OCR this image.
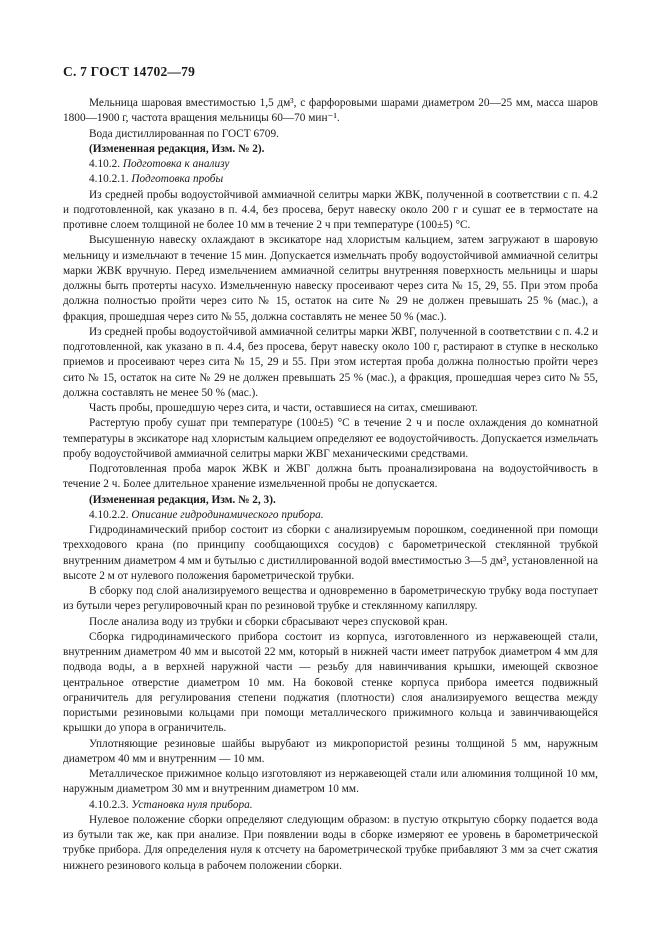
С. 7 ГОСТ 14702—79

Мельница шаровая вместимостью 1,5 дм³, с фарфоровыми шарами диаметром 20—25 мм, масса шаров 1800—1900 г, частота вращения мельницы 60—70 мин⁻¹.

Вода дистиллированная по ГОСТ 6709.

(Измененная редакция, Изм. № 2).

4.10.2. Подготовка к анализу

4.10.2.1. Подготовка пробы

Из средней пробы водоустойчивой аммиачной селитры марки ЖВК, полученной в соответствии с п. 4.2 и подготовленной, как указано в п. 4.4, без просева, берут навеску около 200 г и сушат ее в термостате на противне слоем толщиной не более 10 мм в течение 2 ч при температуре (100±5) °С.

Высушенную навеску охлаждают в эксикаторе над хлористым кальцием, затем загружают в шаровую мельницу и измельчают в течение 15 мин. Допускается измельчать пробу водоустойчивой аммиачной селитры марки ЖВК вручную. Перед измельчением аммиачной селитры внутренняя поверхность мельницы и шары должны быть протерты насухо. Измельченную навеску просеивают через сита № 15, 29, 55. При этом проба должна полностью пройти через сито № 15, остаток на сите № 29 не должен превышать 25 % (мас.), а фракция, прошедшая через сито № 55, должна составлять не менее 50 % (мас.).

Из средней пробы водоустойчивой аммиачной селитры марки ЖВГ, полученной в соответствии с п. 4.2 и подготовленной, как указано в п. 4.4, без просева, берут навеску около 100 г, растирают в ступке в несколько приемов и просеивают через сита № 15, 29 и 55. При этом истертая проба должна полностью пройти через сито № 15, остаток на сите № 29 не должен превышать 25 % (мас.), а фракция, прошедшая через сито № 55, должна составлять не менее 50 % (мас.).

Часть пробы, прошедшую через сита, и части, оставшиеся на ситах, смешивают.

Растертую пробу сушат при температуре (100±5) °С в течение 2 ч и после охлаждения до комнатной температуры в эксикаторе над хлористым кальцием определяют ее водоустойчивость. Допускается измельчать пробу водоустойчивой аммиачной селитры марки ЖВГ механическими средствами.

Подготовленная проба марок ЖВК и ЖВГ должна быть проанализирована на водоустойчивость в течение 2 ч. Более длительное хранение измельченной пробы не допускается.

(Измененная редакция, Изм. № 2, 3).

4.10.2.2. Описание гидродинамического прибора.

Гидродинамический прибор состоит из сборки с анализируемым порошком, соединенной при помощи трехходового крана (по принципу сообщающихся сосудов) с барометрической стеклянной трубкой внутренним диаметром 4 мм и бутылью с дистиллированной водой вместимостью 3—5 дм³, установленной на высоте 2 м от нулевого положения барометрической трубки.

В сборку под слой анализируемого вещества и одновременно в барометрическую трубку вода поступает из бутыли через регулировочный кран по резиновой трубке и стеклянному капилляру.

После анализа воду из трубки и сборки сбрасывают через спусковой кран.

Сборка гидродинамического прибора состоит из корпуса, изготовленного из нержавеющей стали, внутренним диаметром 40 мм и высотой 22 мм, который в нижней части имеет патрубок диаметром 4 мм для подвода воды, а в верхней наружной части — резьбу для навинчивания крышки, имеющей сквозное центральное отверстие диаметром 10 мм. На боковой стенке корпуса прибора имеется подвижный ограничитель для регулирования степени поджатия (плотности) слоя анализируемого вещества между пористыми резиновыми кольцами при помощи металлического прижимного кольца и завинчивающейся крышки до упора в ограничитель.

Уплотняющие резиновые шайбы вырубают из микропористой резины толщиной 5 мм, наружным диаметром 40 мм и внутренним — 10 мм.

Металлическое прижимное кольцо изготовляют из нержавеющей стали или алюминия толщиной 10 мм, наружным диаметром 30 мм и внутренним диаметром 10 мм.

4.10.2.3. Установка нуля прибора.

Нулевое положение сборки определяют следующим образом: в пустую открытую сборку подается вода из бутыли так же, как при анализе. При появлении воды в сборке измеряют ее уровень в барометрической трубке прибора. Для определения нуля к отсчету на барометрической трубке прибавляют 3 мм за счет сжатия нижнего резинового кольца в рабочем положении сборки.
